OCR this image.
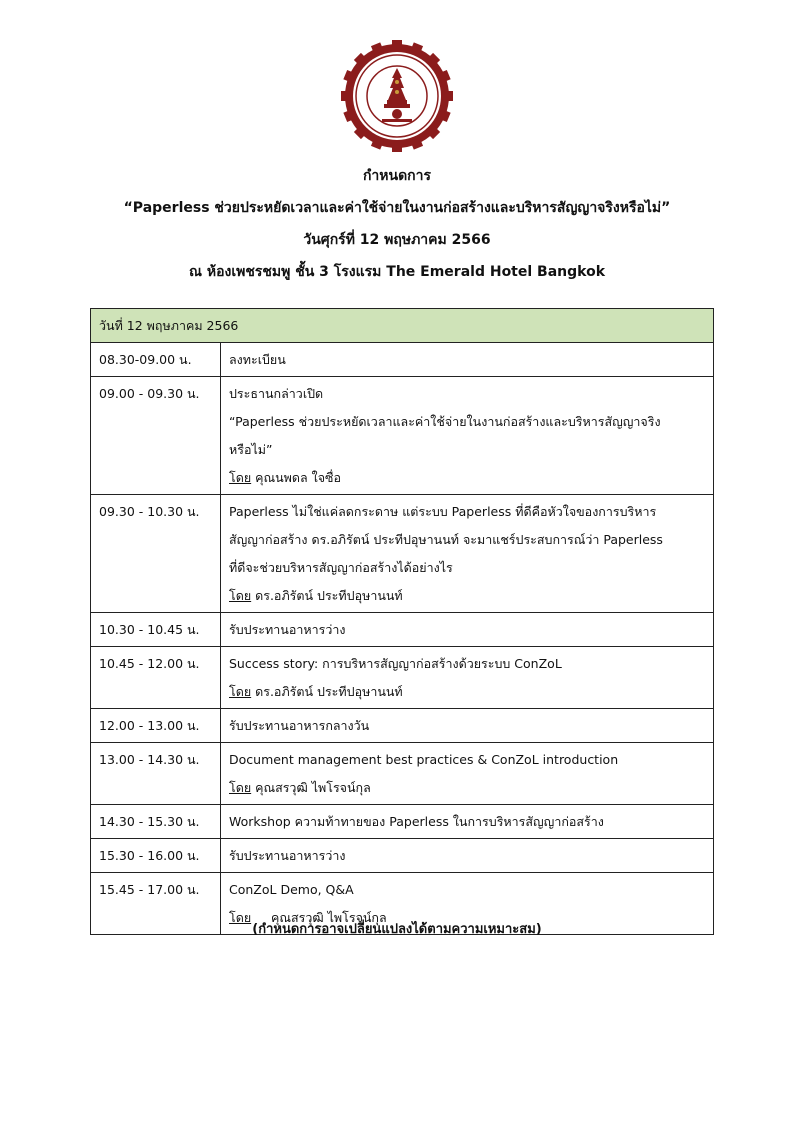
กำหนดการ
“Paperless ช่วยประหยัดเวลาและค่าใช้จ่ายในงานก่อสร้างและบริหารสัญญาจริงหรือไม่”
วันศุกร์ที่ 12 พฤษภาคม 2566
ณ ห้องเพชรชมพู ชั้น 3 โรงแรม The Emerald Hotel Bangkok
วันที่ 12 พฤษภาคม 2566	
08.30-09.00 น.	ลงทะเบียน

09.00 - 09.30 น.	ประธานกล่าวเปิด
“Paperless ช่วยประหยัดเวลาและค่าใช้จ่ายในงานก่อสร้างและบริหารสัญญาจริง
หรือไม่”
โดย คุณนพดล ใจซื่อ

09.30 - 10.30 น.	Paperless ไม่ใช่แค่ลดกระดาษ แต่ระบบ Paperless ที่ดีคือหัวใจของการบริหาร
สัญญาก่อสร้าง ดร.อภิรัตน์ ประทีปอุษานนท์ จะมาแชร์ประสบการณ์ว่า Paperless
ที่ดีจะช่วยบริหารสัญญาก่อสร้างได้อย่างไร
โดย ดร.อภิรัตน์ ประทีปอุษานนท์

10.30 - 10.45 น.	รับประทานอาหารว่าง

10.45 - 12.00 น.	Success story: การบริหารสัญญาก่อสร้างด้วยระบบ ConZoL
โดย ดร.อภิรัตน์ ประทีปอุษานนท์

12.00 - 13.00 น.	รับประทานอาหารกลางวัน

13.00 - 14.30 น.	Document management best practices & ConZoL introduction
โดย คุณสรวุฒิ ไพโรจน์กุล

14.30 - 15.30 น.	Workshop ความท้าทายของ Paperless ในการบริหารสัญญาก่อสร้าง

15.30 - 16.00 น.	รับประทานอาหารว่าง

15.45 - 17.00 น.	ConZoL Demo, Q&A
โดย     คุณสรวุฒิ ไพโรจน์กุล
(กำหนดการอาจเปลี่ยนแปลงได้ตามความเหมาะสม)
